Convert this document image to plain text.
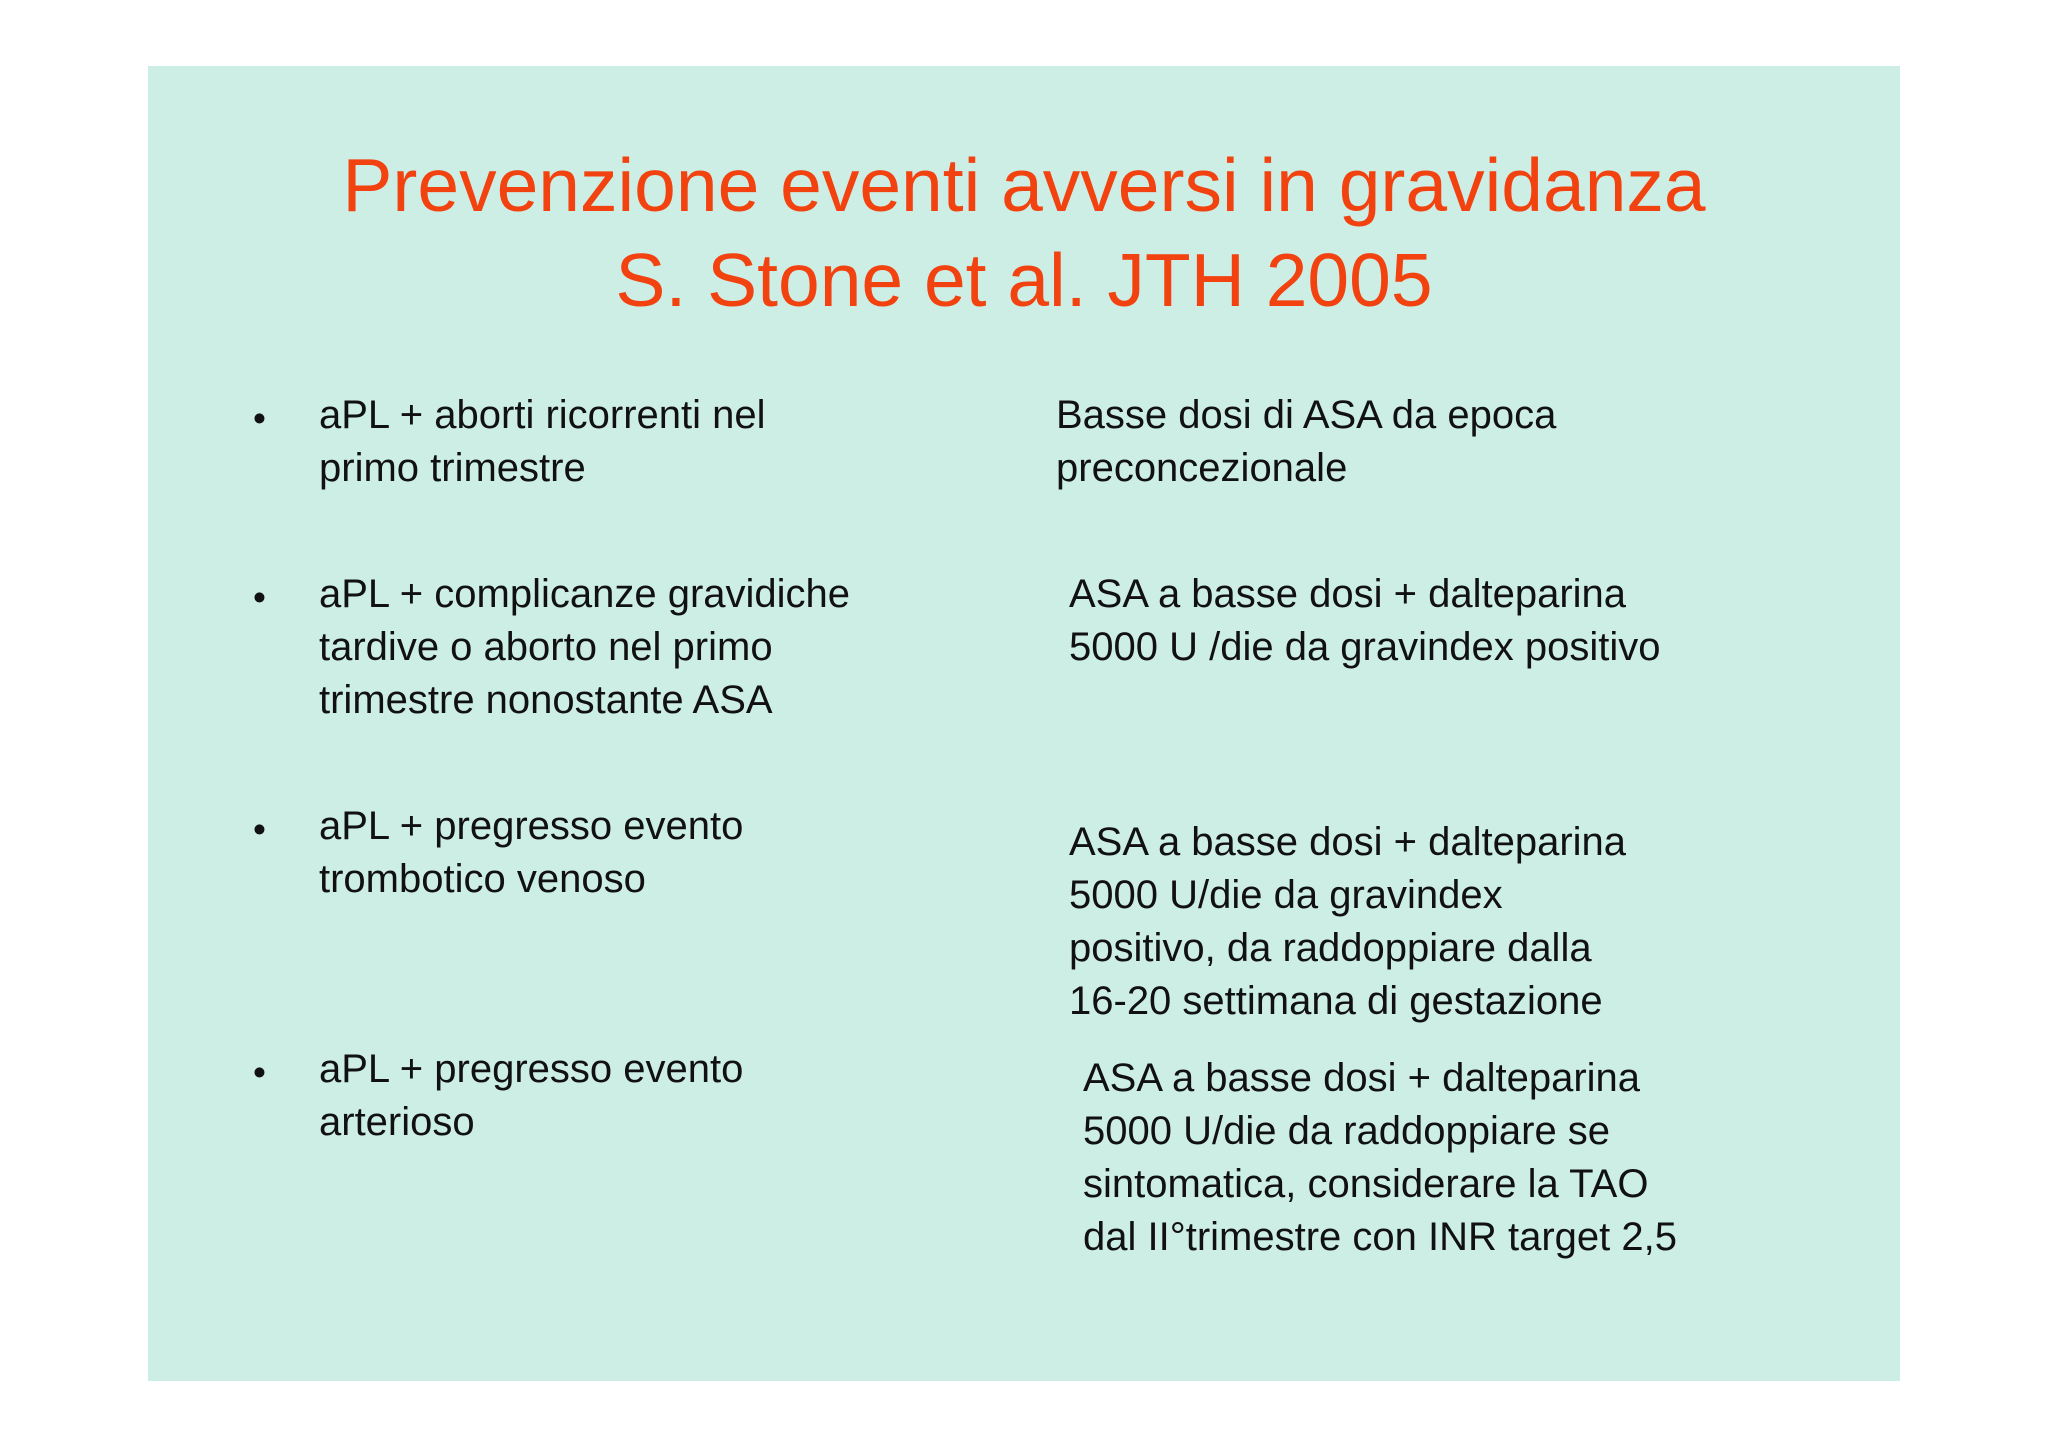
Prevenzione eventi avversi in gravidanza
S. Stone et al. JTH 2005
• aPL + aborti ricorrenti nel
primo trimestre
Basse dosi di ASA da epoca
preconcezionale
• aPL + complicanze gravidiche
tardive o aborto nel primo
trimestre nonostante ASA
ASA a basse dosi + dalteparina
5000 U /die da gravindex positivo
• aPL + pregresso evento
trombotico venoso
ASA a basse dosi + dalteparina
5000 U/die da gravindex
positivo, da raddoppiare dalla
16-20 settimana di gestazione
• aPL + pregresso evento
arterioso
ASA a basse dosi + dalteparina
5000 U/die da raddoppiare se
sintomatica, considerare la TAO
dal II°trimestre con INR target 2,5
